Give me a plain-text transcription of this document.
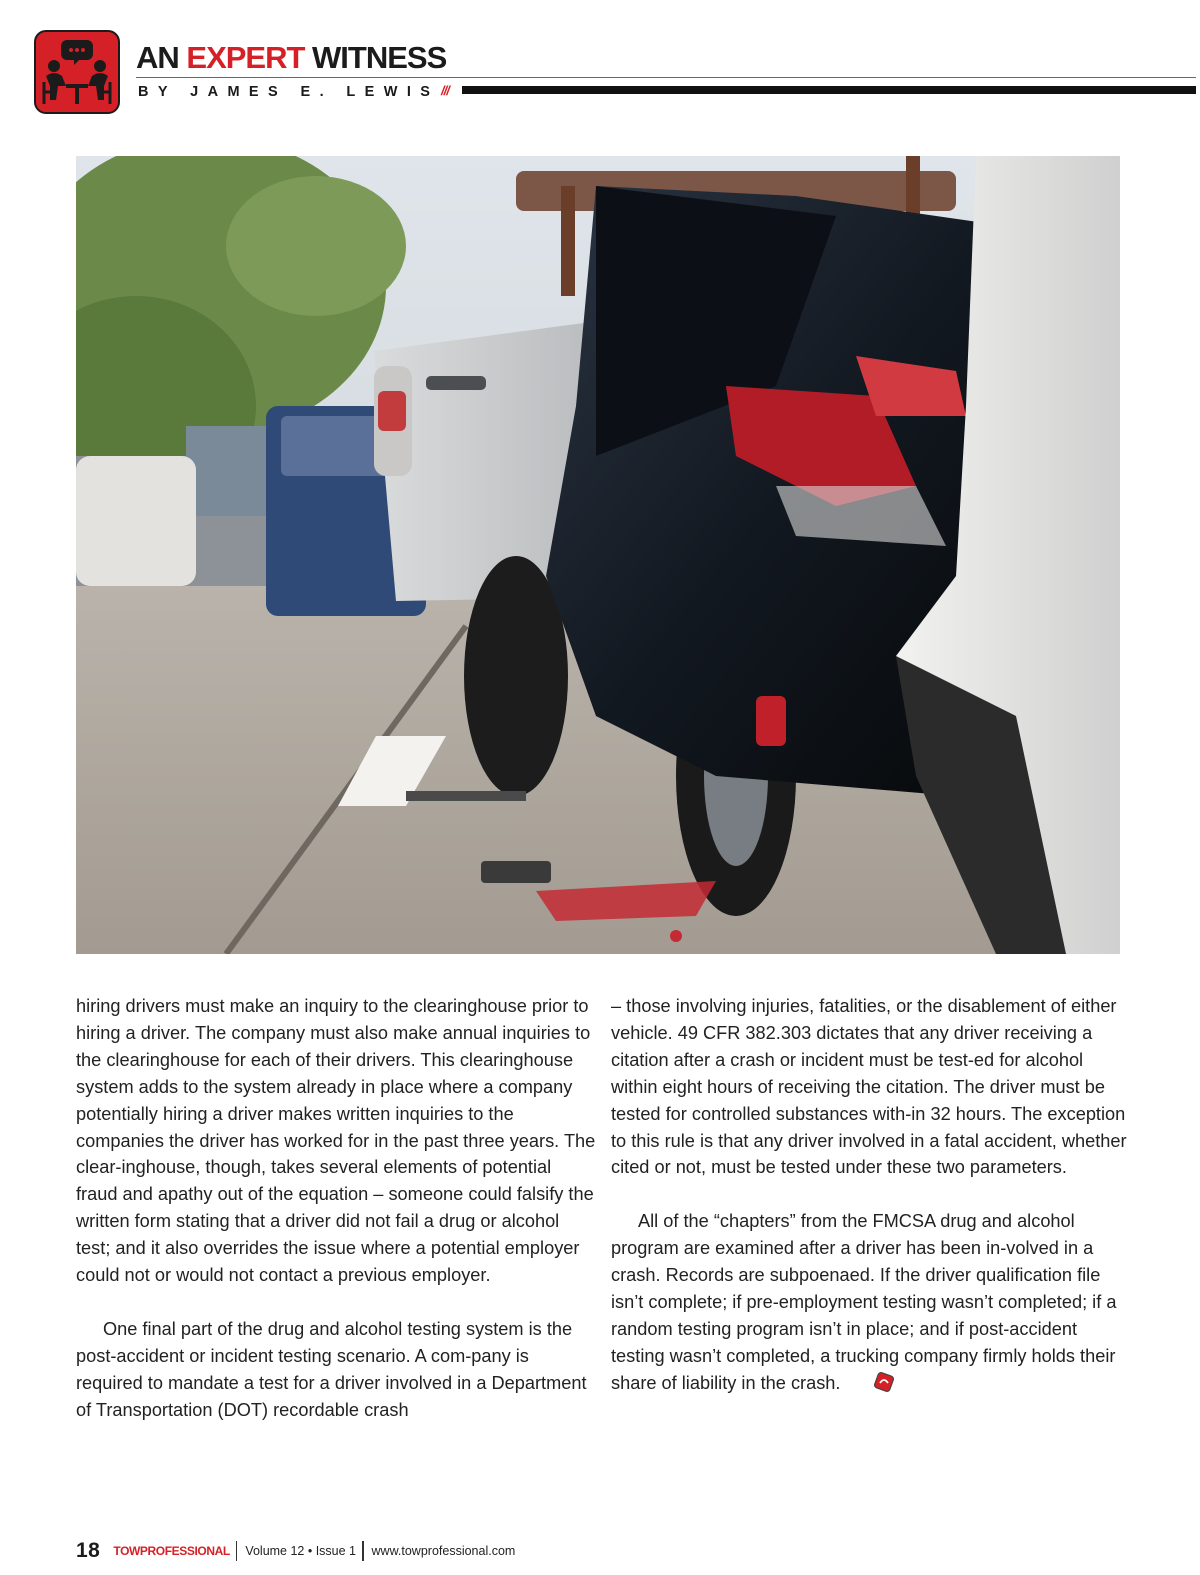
AN EXPERT WITNESS
BY JAMES E. LEWIS ///

hiring drivers must make an inquiry to the clearinghouse prior to hiring a driver. The company must also make annual inquiries to the clearinghouse for each of their drivers. This clearinghouse system adds to the system already in place where a company potentially hiring a driver makes written inquiries to the companies the driver has worked for in the past three years. The clear-inghouse, though, takes several elements of potential fraud and apathy out of the equation – someone could falsify the written form stating that a driver did not fail a drug or alcohol test; and it also overrides the issue where a potential employer could not or would not contact a previous employer.

One final part of the drug and alcohol testing system is the post-accident or incident testing scenario. A com-pany is required to mandate a test for a driver involved in a Department of Transportation (DOT) recordable crash

– those involving injuries, fatalities, or the disablement of either vehicle. 49 CFR 382.303 dictates that any driver receiving a citation after a crash or incident must be test-ed for alcohol within eight hours of receiving the citation. The driver must be tested for controlled substances with-in 32 hours. The exception to this rule is that any driver involved in a fatal accident, whether cited or not, must be tested under these two parameters.

All of the “chapters” from the FMCSA drug and alcohol program are examined after a driver has been in-volved in a crash. Records are subpoenaed. If the driver qualification file isn’t complete; if pre-employment testing wasn’t completed; if a random testing program isn’t in place; and if post-accident testing wasn’t completed, a trucking company firmly holds their share of liability in the crash.

18 TOWPROFESSIONAL Volume 12 • Issue 1 www.towprofessional.com
